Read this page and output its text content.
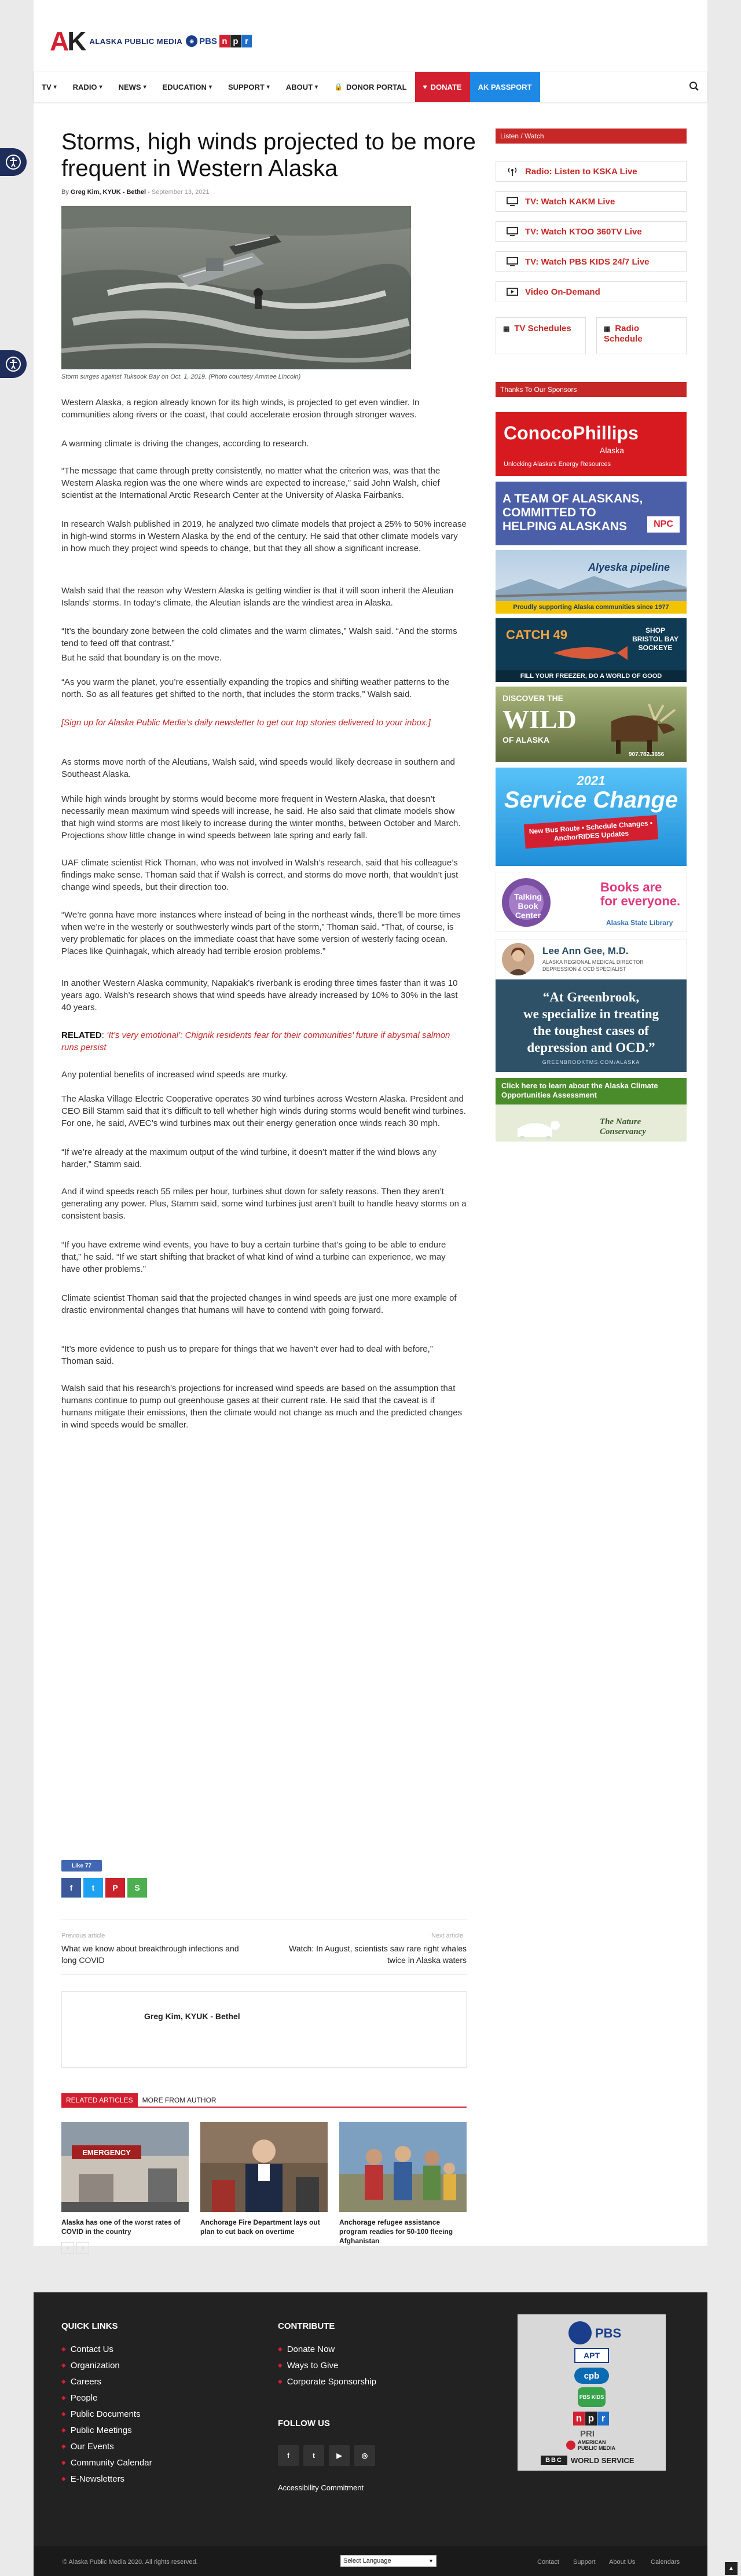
AK ALASKA PUBLIC MEDIA	◉ PBS n p r
TV ▾ RADIO ▾ NEWS ▾ EDUCATION ▾ SUPPORT ▾ ABOUT ▾ 🔒 DONOR PORTAL ♥ DONATE AK PASSPORT
Storms, high winds projected to be more frequent in Western Alaska
By Greg Kim, KYUK - Bethel - September 13, 2021
Storm surges against Tuksook Bay on Oct. 1, 2019. (Photo courtesy Ammee Lincoln)

Western Alaska, a region already known for its high winds, is projected to get even windier. In communities along rivers or the coast, that could accelerate erosion through stronger waves.

A warming climate is driving the changes, according to research.

“The message that came through pretty consistently, no matter what the criterion was, was that the Western Alaska region was the one where winds are expected to increase,” said John Walsh, chief scientist at the International Arctic Research Center at the University of Alaska Fairbanks.

In research Walsh published in 2019, he analyzed two climate models that project a 25% to 50% increase in high-wind storms in Western Alaska by the end of the century. He said that other climate models vary in how much they project wind speeds to change, but that they all show a significant increase.

Walsh said that the reason why Western Alaska is getting windier is that it will soon inherit the Aleutian Islands’ storms. In today’s climate, the Aleutian islands are the windiest area in Alaska.

“It’s the boundary zone between the cold climates and the warm climates,” Walsh said. “And the storms tend to feed off that contrast.”

But he said that boundary is on the move.

“As you warm the planet, you’re essentially expanding the tropics and shifting weather patterns to the north. So as all features get shifted to the north, that includes the storm tracks,” Walsh said.

[Sign up for Alaska Public Media’s daily newsletter to get our top stories delivered to your inbox.]

As storms move north of the Aleutians, Walsh said, wind speeds would likely decrease in southern and Southeast Alaska.

While high winds brought by storms would become more frequent in Western Alaska, that doesn’t necessarily mean maximum wind speeds will increase, he said. He also said that climate models show that high wind storms are most likely to increase during the winter months, between October and March. Projections show little change in wind speeds between late spring and early fall.

UAF climate scientist Rick Thoman, who was not involved in Walsh’s research, said that his colleague’s findings make sense. Thoman said that if Walsh is correct, and storms do move north, that wouldn’t just change wind speeds, but their direction too.

“We’re gonna have more instances where instead of being in the northeast winds, there’ll be more times when we’re in the westerly or southwesterly winds part of the storm,” Thoman said. “That, of course, is very problematic for places on the immediate coast that have some version of westerly facing ocean. Places like Quinhagak, which already had terrible erosion problems.”

In another Western Alaska community, Napakiak’s riverbank is eroding three times faster than it was 10 years ago. Walsh’s research shows that wind speeds have already increased by 10% to 30% in the last 40 years.

RELATED: ‘It’s very emotional’: Chignik residents fear for their communities’ future if abysmal salmon runs persist

Any potential benefits of increased wind speeds are murky.

The Alaska Village Electric Cooperative operates 30 wind turbines across Western Alaska. President and CEO Bill Stamm said that it’s difficult to tell whether high winds during storms would benefit wind turbines. For one, he said, AVEC’s wind turbines max out their energy generation once winds reach 30 mph.

“If we’re already at the maximum output of the wind turbine, it doesn’t matter if the wind blows any harder,” Stamm said.

And if wind speeds reach 55 miles per hour, turbines shut down for safety reasons. Then they aren’t generating any power. Plus, Stamm said, some wind turbines just aren’t built to handle heavy storms on a consistent basis.

“If you have extreme wind events, you have to buy a certain turbine that’s going to be able to endure that,” he said. “If we start shifting that bracket of what kind of wind a turbine can experience, we may have other problems.”

Climate scientist Thoman said that the projected changes in wind speeds are just one more example of drastic environmental changes that humans will have to contend with going forward.

“It’s more evidence to push us to prepare for things that we haven’t ever had to deal with before,” Thoman said.

Walsh said that his research’s projections for increased wind speeds are based on the assumption that humans continue to pump out greenhouse gases at their current rate. He said that the caveat is if humans mitigate their emissions, then the climate would not change as much and the predicted changes in wind speeds would be smaller.

Like 77
f	t	P	S
Previous article
What we know about breakthrough infections and long COVID
Next article
Watch: In August, scientists saw rare right whales twice in Alaska waters
Greg Kim, KYUK - Bethel
RELATED ARTICLES	MORE FROM AUTHOR
EMERGENCY
Alaska has one of the worst rates of COVID in the country
Anchorage Fire Department lays out plan to cut back on overtime
Anchorage refugee assistance program readies for 50-100 fleeing Afghanistan
‹	›
Listen / Watch
Radio: Listen to KSKA Live
TV: Watch KAKM Live
TV: Watch KTOO 360TV Live
TV: Watch PBS KIDS 24/7 Live
Video On-Demand
▦ TV Schedules	▦ Radio Schedule
Thanks To Our Sponsors
ConocoPhillips
Alaska
Unlocking Alaska’s Energy Resources
A TEAM OF ALASKANS,
COMMITTED TO
HELPING ALASKANS	NPC
Alyeska pipeline
Proudly supporting Alaska communities since 1977
CATCH 49	SHOP BRISTOL BAY SOCKEYE
FILL YOUR FREEZER, DO A WORLD OF GOOD
DISCOVER THE
WILD
OF ALASKA
907.782.3656
2021
Service Change
New Bus Route • Schedule Changes • AnchorRIDES Updates
Talking Book Center
Books are for everyone.
Alaska State Library
Lee Ann Gee, M.D.
ALASKA REGIONAL MEDICAL DIRECTOR
DEPRESSION & OCD SPECIALIST
“At Greenbrook,
we specialize in treating
the toughest cases of
depression and OCD.”
GREENBROOKTMS.COM/ALASKA
Click here to learn about the Alaska Climate Opportunities Assessment
The Nature Conservancy
QUICK LINKS
◆ Contact Us
◆ Organization
◆ Careers
◆ People
◆ Public Documents
◆ Public Meetings
◆ Our Events
◆ Community Calendar
◆ E-Newsletters
CONTRIBUTE
◆ Donate Now
◆ Ways to Give
◆ Corporate Sponsorship
FOLLOW US
f	t	▶	◎
Accessibility Commitment
PBS
APT
cpb
PBS KIDS
n p r
PRI
AMERICAN
PUBLIC MEDIA
BBC	WORLD SERVICE
© Alaska Public Media 2020. All rights reserved.	Select Language	▼	Contact Support About Us Calendars
▲
